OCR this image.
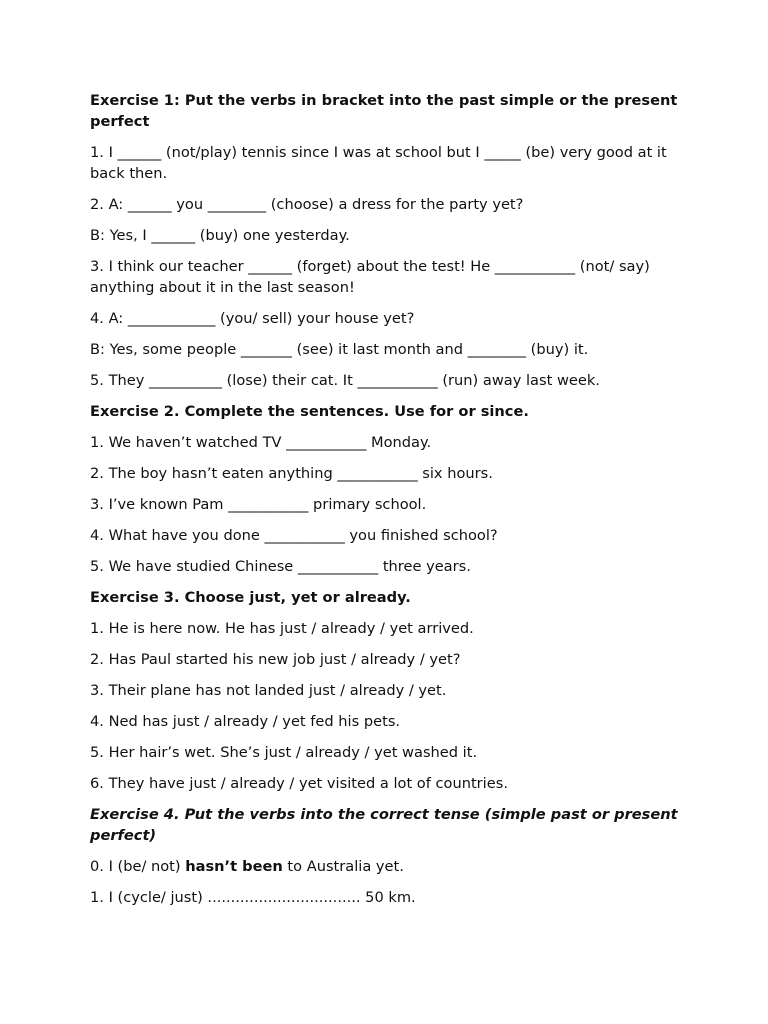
Exercise 1: Put the verbs in bracket into the past simple or the present perfect
1. I ______ (not/play) tennis since I was at school but I _____ (be) very good at it back then.
2. A: ______ you ________ (choose) a dress for the party yet?
B: Yes, I ______ (buy) one yesterday.
3. I think our teacher ______ (forget) about the test! He ___________ (not/ say) anything about it in the last season!
4. A: ____________ (you/ sell) your house yet?
B: Yes, some people _______ (see) it last month and ________ (buy) it.
5. They __________ (lose) their cat. It ___________ (run) away last week.
Exercise 2. Complete the sentences. Use for or since.
1. We haven’t watched TV ___________ Monday.
2. The boy hasn’t eaten anything ___________ six hours.
3. I’ve known Pam ___________ primary school.
4. What have you done ___________ you finished school?
5. We have studied Chinese ___________ three years.
Exercise 3. Choose just, yet or already.
1. He is here now. He has just / already / yet arrived.
2. Has Paul started his new job just / already / yet?
3. Their plane has not landed just / already / yet.
4. Ned has just / already / yet fed his pets.
5. Her hair’s wet. She’s just / already / yet washed it.
6. They have just / already / yet visited a lot of countries.
Exercise 4. Put the verbs into the correct tense (simple past or present perfect)
0. I (be/ not) hasn’t been to Australia yet.
1. I (cycle/ just) ................................. 50 km.
